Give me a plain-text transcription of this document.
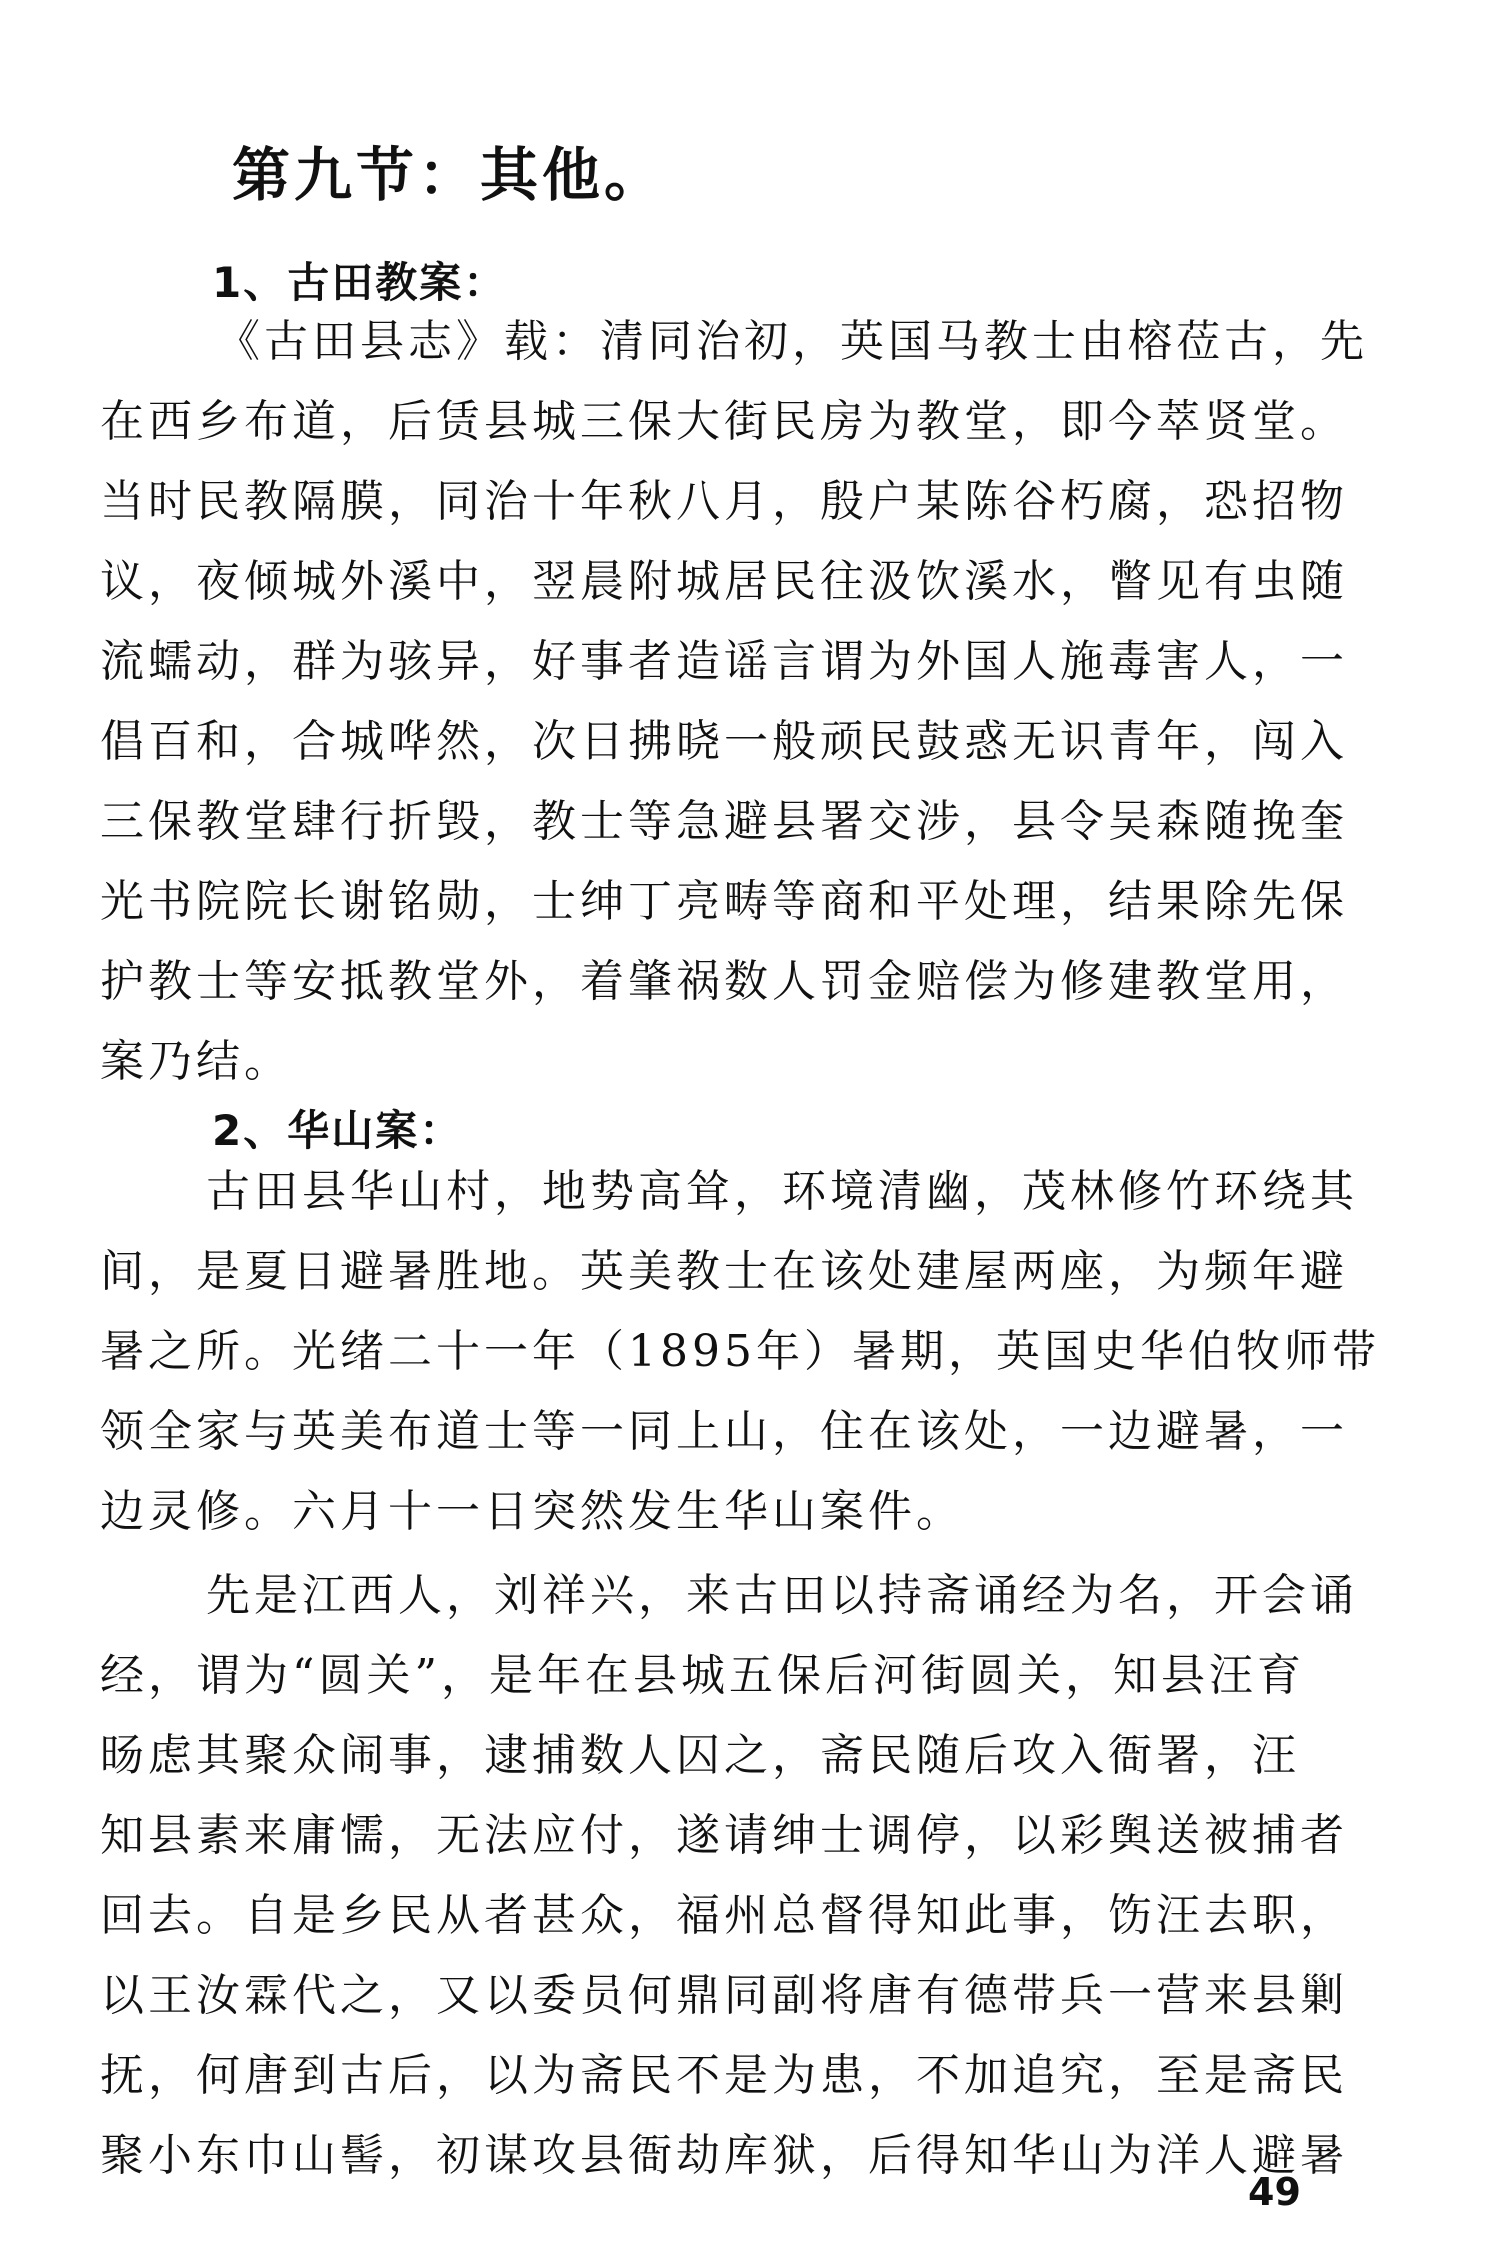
第九节：其他。
1、古田教案：
《古田县志》载：清同治初，英国马教士由榕莅古，先
在西乡布道，后赁县城三保大街民房为教堂，即今萃贤堂。
当时民教隔膜，同治十年秋八月，殷户某陈谷朽腐，恐招物
议，夜倾城外溪中，翌晨附城居民往汲饮溪水，瞥见有虫随
流蠕动，群为骇异，好事者造谣言谓为外国人施毒害人，一
倡百和，合城哗然，次日拂晓一般顽民鼓惑无识青年，闯入
三保教堂肆行折毁，教士等急避县署交涉，县令吴森随挽奎
光书院院长谢铭勋，士绅丁亮畴等商和平处理，结果除先保
护教士等安抵教堂外，着肇祸数人罚金赔偿为修建教堂用，
案乃结。
2、华山案：
古田县华山村，地势高耸，环境清幽，茂林修竹环绕其
间，是夏日避暑胜地。英美教士在该处建屋两座，为频年避
暑之所。光绪二十一年（1895年）暑期，英国史华伯牧师带
领全家与英美布道士等一同上山，住在该处，一边避暑，一
边灵修。六月十一日突然发生华山案件。
先是江西人，刘祥兴，来古田以持斋诵经为名，开会诵
经，谓为“圆关”，是年在县城五保后河街圆关，知县汪育
旸虑其聚众闹事，逮捕数人囚之，斋民随后攻入衙署，汪
知县素来庸懦，无法应付，遂请绅士调停，以彩舆送被捕者
回去。自是乡民从者甚众，福州总督得知此事，饬汪去职，
以王汝霖代之，又以委员何鼎同副将唐有德带兵一营来县剿
抚，何唐到古后，以为斋民不是为患，不加追究，至是斋民
聚小东巾山髻，初谋攻县衙劫库狱，后得知华山为洋人避暑
49
